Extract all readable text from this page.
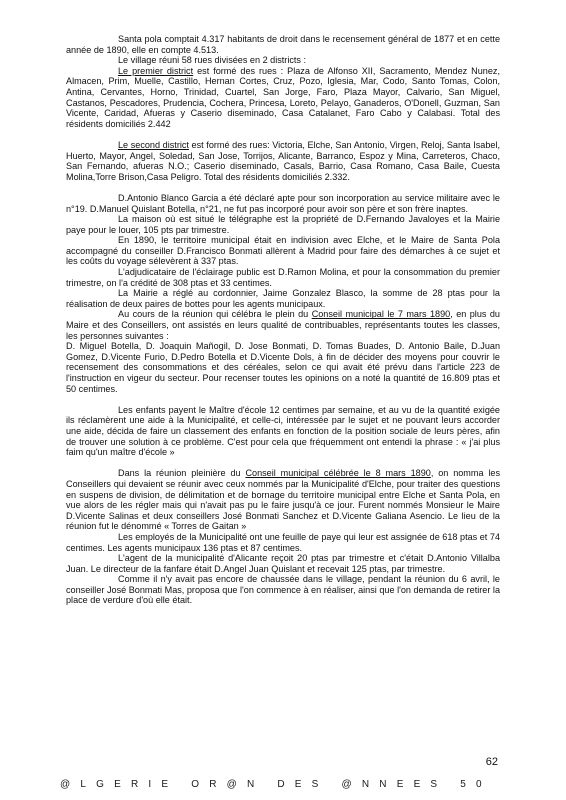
Santa pola comptait 4.317 habitants de droit dans le recensement général de 1877 et en cette année de 1890, elle en compte 4.513.

Le village réuni 58 rues divisées en 2 districts :

Le premier district est formé des rues : Plaza de Alfonso XII, Sacramento, Mendez Nunez, Almacen, Prim, Muelle, Castillo, Hernan Cortes, Cruz, Pozo, Iglesia, Mar, Codo, Santo Tomas, Colon, Antina, Cervantes, Horno, Trinidad, Cuartel, San Jorge, Faro, Plaza Mayor, Calvario, San Miguel, Castanos, Pescadores, Prudencia, Cochera, Princesa, Loreto, Pelayo, Ganaderos, O'Donell, Guzman, San Vicente, Caridad, Afueras y Caserio diseminado, Casa Catalanet, Faro Cabo y Calabasi. Total des résidents domiciliés 2.442

Le second district est formé des rues: Victoria, Elche, San Antonio, Virgen, Reloj, Santa Isabel, Huerto, Mayor, Angel, Soledad, San Jose, Torrijos, Alicante, Barranco, Espoz y Mina, Carreteros, Chaco, San Fernando, afueras N.O.; Caserio diseminado, Casals, Barrio, Casa Romano, Casa Baile, Cuesta Molina,Torre Brison,Casa Peligro. Total des résidents domiciliés 2.332.

D.Antonio Blanco Garcia a été déclaré apte pour son incorporation au service militaire avec le n°19. D.Manuel Quislant Botella, n°21, ne fut pas incorporé pour avoir son père et son frère inaptes.

La maison où est situé le télégraphe est la propriété de D.Fernando Javaloyes et la Mairie paye pour le louer, 105 pts par trimestre.

En 1890, le territoire municipal était en indivision avec Elche, et le Maire de Santa Pola accompagné du conseiller D.Francisco Bonmati allèrent à Madrid pour faire des démarches à ce sujet et les coûts du voyage sélevèrent à 337 ptas.

L'adjudicataire de l'éclairage public est D.Ramon Molina, et pour la consommation du premier trimestre, on l'a crédité de 308 ptas et 33 centimes.

La Mairie a réglé au cordonnier, Jaime Gonzalez Blasco, la somme de 28 ptas pour la réalisation de deux paires de bottes pour les agents municipaux.

Au cours de la réunion qui célébra le plein du Conseil municipal le 7 mars 1890, en plus du Maire et des Conseillers, ont assistés en leurs qualité de contribuables, représentants toutes les classes, les personnes suivantes :

D. Miguel Botella, D. Joaquin Mañogil, D. Jose Bonmati, D. Tomas Buades, D. Antonio Baile, D.Juan Gomez, D.Vicente Furio, D.Pedro Botella et D.Vicente Dols, à fin de décider des moyens pour couvrir le recensement des consommations et des céréales, selon ce qui avait été prévu dans l'article 223 de l'instruction en vigeur du secteur. Pour recenser toutes les opinions on a noté la quantité de 16.809 ptas et 50 centimes.

Les enfants payent le Maître d'école 12 centimes par semaine, et au vu de la quantité exigée ils réclamèrent une aide à la Municipalité, et celle-ci, intéressée par le sujet et ne pouvant leurs accorder une aide, décida de faire un classement des enfants en fonction de la position sociale de leurs pères, afin de trouver une solution à ce problème. C'est pour cela que fréquemment ont entendi la phrase : « j'ai plus faim qu'un maître d'école »

Dans la réunion pleinière du Conseil municipal célébrée le 8 mars 1890, on nomma les Conseillers qui devaient se réunir avec ceux nommés par la Municipalité d'Elche, pour traiter des questions en suspens de division, de délimitation et de bornage du territoire municipal entre Elche et Santa Pola, en vue alors de les régler mais qui n'avait pas pu le faire jusqu'à ce jour. Furent nommés Monsieur le Maire D.Vicente Salinas et deux conseillers José Bonmati Sanchez et D.Vicente Galiana Asencio. Le lieu de la réunion fut le dénommé « Torres de Gaitan »

Les employés de la Municipalité ont une feuille de paye qui leur est assignée de 618 ptas et 74 centimes. Les agents municipaux 136 ptas et 87 centimes.

L'agent de la municipalité d'Alicante reçoit 20 ptas par trimestre et c'était D.Antonio Villalba Juan. Le directeur de la fanfare était D.Angel Juan Quislant et recevait 125 ptas, par trimestre.

Comme il n'y avait pas encore de chaussée dans le village, pendant la réunion du 6 avril, le conseiller José Bonmati Mas, proposa que l'on commence à en réaliser, ainsi que l'on demanda de retirer la place de verdure d'où elle était.

62
@LGERIE OR@N DES @NNEES 50
